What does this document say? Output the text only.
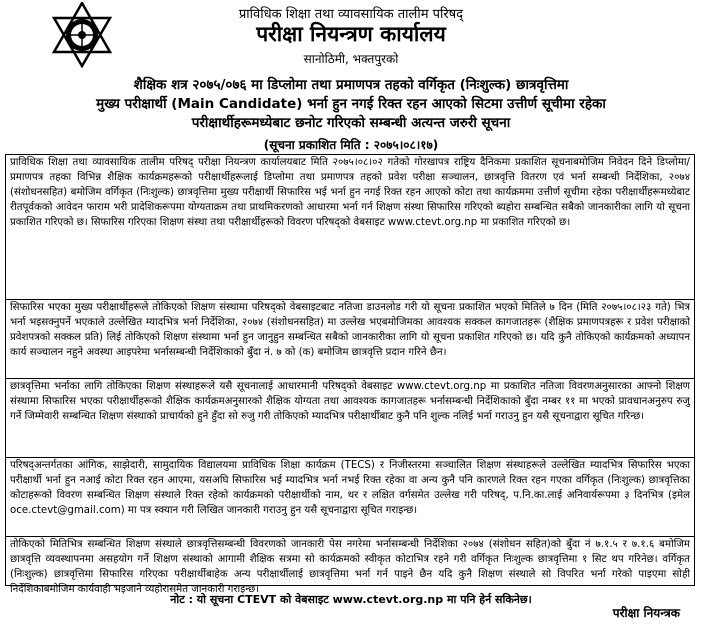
प्राविधिक शिक्षा तथा व्यावसायिक तालीम परिषद्
परीक्षा नियन्त्रण कार्यालय
सानोठिमी, भक्तपुरको
शैक्षिक शत्र २०७५/०७६ मा डिप्लोमा तथा प्रमाणपत्र तहको वर्गिकृत (निःशुल्क) छात्रवृत्तिमा
मुख्य परीक्षार्थी (Main Candidate) भर्ना हुन नगई रिक्त रहन आएको सिटमा उत्तीर्ण सूचीमा रहेका
परीक्षार्थीहरूमध्येबाट छनोट गरिएको सम्बन्धी अत्यन्त जरुरी सूचना
(सूचना प्रकाशित मिति : २०७५।०८।१७)
प्राविधिक शिक्षा तथा व्यावसायिक तालीम परिषद् परीक्षा नियन्त्रण कार्यालयबाट मिति २०७५।०८।०२ गतेको गोरखापत्र राष्ट्रिय दैनिकमा प्रकाशित सूचनाबमोजिम निवेदन दिने डिप्लोमा/प्रमाणपत्र तहका विभिन्न शैक्षिक कार्यक्रमहरूको परीक्षार्थीहरूलाई डिप्लोमा तथा प्रमाणपत्र तहको प्रवेश परीक्षा सञ्चालन, छात्रवृत्ति वितरण एवं भर्ना सम्बन्धी निर्देशिका, २०७४ (संशोधनसहित) बमोजिम वर्गिकृत (निःशुल्क) छात्रवृत्तिमा मुख्य परीक्षार्थी सिफारिस भई भर्ना हुन नगई रिक्त रहन आएको कोटा तथा कार्यक्रममा उत्तीर्ण सूचीमा रहेका परीक्षार्थीहरूमध्येबाट रीतपूर्वकको आवेदन फाराम भरी प्रादेशिकरूपमा योग्यताक्रम तथा प्राथमिकरणको आधारमा भर्ना गर्न शिक्षण संस्था सिफारिस गरिएको ब्यहोरा सम्बन्धित सबैको जानकारीका लागि यो सूचना प्रकाशित गरिएको छ। सिफारिस गरिएका शिक्षण संस्था तथा परीक्षार्थीहरूको विवरण परिषद्को वेबसाइट www.ctevt.org.np मा प्रकाशित गरिएको छ।
सिफारिस भएका मुख्य परीक्षार्थीहरूले तोकिएको शिक्षण संस्थामा परिषद्को वेबसाइटबाट नतिजा डाउनलोड गरी यो सूचना प्रकाशित भएको मितिले ७ दिन (मिति २०७५।०८।२३ गते) भित्र भर्ना भइसक्नुपर्ने भएकाले उल्लेखित म्यादभित्र भर्ना निर्देशिका, २०७४ (संशोधनसहित) मा उल्लेख भएबमोजिमका आवश्यक सक्कल कागजातहरू (शैक्षिक प्रमाणपत्रहरू र प्रवेश परीक्षाको प्रवेशपत्रको सक्कल प्रति) लिई तोकिएको शिक्षण संस्थामा भर्ना हुन जानुहुन सम्बन्धित सबैको जानकारीका लागि यो सूचना प्रकाशित गरिएको छ। यदि कुनै तोकिएको कार्यक्रमको अध्यापन कार्य सञ्चालन नहुने अवस्था आइपरेमा भर्नासम्बन्धी निर्देशिकाको बुँदा नं. ७ को (क) बमोजिम छात्रवृत्ति प्रदान गरिने छैन।
छात्रवृत्तिमा भर्नाका लागि तोकिएका शिक्षण संस्थाहरूले यसै सूचनालाई आधारमानी परिषद्को वेबसाइट www.ctevt.org.np मा प्रकाशित नतिजा विवरणअनुसारका आफ्नो शिक्षण संस्थामा सिफारिस भएका परीक्षार्थीहरूको शैक्षिक कार्यक्रमअनुसारको शैक्षिक योग्यता तथा आवश्यक कागजातहरू भर्नासम्बन्धी निर्देशिकाको बुँदा नम्बर ११ मा भएको प्रावधानअनुरुप रुजु गर्ने जिम्मेवारी सम्बन्धित शिक्षण संस्थाको प्राचार्यको हुने हुँदा सो रुजु गरी तोकिएको म्यादभित्र परीक्षार्थीबाट कुनै पनि शुल्क नलिई भर्ना गराउनु हुन यसै सूचनाद्वारा सूचित गरिन्छ।
परिषद्अन्तर्गतका आंगिक, साझेदारी, सामुदायिक विद्यालयमा प्राविधिक शिक्षा कार्यक्रम (TECS) र निजीस्तरमा सञ्चालित शिक्षण संस्थाहरूले उल्लेखित म्यादभित्र सिफारिस भएका परीक्षार्थी भर्ना हुन नआई कोटा रिक्त रहन आएमा, यसअघि सिफारिस भई म्यादभित्र भर्ना नभई रिक्त रहेका वा अन्य कुनै पनि कारणले रिक्त रहन गएका वर्गिकृत (निःशुल्क) छात्रवृत्तिका कोटाहरूको विवरण सम्बन्धित शिक्षण संस्थाले रिक्त रहेको कार्यक्रमको परीक्षार्थीको नाम, थर र लक्षित वर्गसमेत उल्लेख गरी परिषद्, प.नि.का.लाई अनिवार्यरूपमा ३ दिनभित्र (इमेल oce.ctevt@gmail.com) मा पत्र स्क्यान गरी लिखित जानकारी गराउनु हुन यसै सूचनाद्वारा सूचित गराइन्छ।
तोकिएको मितिभित्र सम्बन्धित शिक्षण संस्थाले छात्रवृत्तिसम्बन्धी विवरणको जानकारी पेस नगरेमा भर्नासम्बन्धी निर्देशिका २०७४ (संशोधन सहित)को बुँदा नं ७.१.५ र ७.१.६ बमोजिम छात्रवृत्ति व्यवस्थापनमा असहयोग गर्ने शिक्षण संस्थाको आगामी शैक्षिक सत्रमा सो कार्यक्रमको स्वीकृत कोटाभित्र रहने गरी वर्गिकृत निःशुल्क छात्रवृत्तिमा १ सिट थप गरिनेछ। वर्गिकृत (निःशुल्क) छात्रवृत्तिमा सिफारिस गरिएका परीक्षार्थीबाहेक अन्य परीक्षार्थीलाई छात्रवृत्तिमा भर्ना गर्न पाइने छैन यदि कुनै शिक्षण संस्थाले सो विपरित भर्ना गरेको पाइएमा सोही निर्देशिकाबमोजिम कार्यवाही भइजाने व्यहोरासमेत जानकारी गराइन्छ।
नोट : यो सूचना CTEVT को वेबसाइट www.ctevt.org.np मा पनि हेर्न सकिनेछ।
परीक्षा नियन्त्रक
